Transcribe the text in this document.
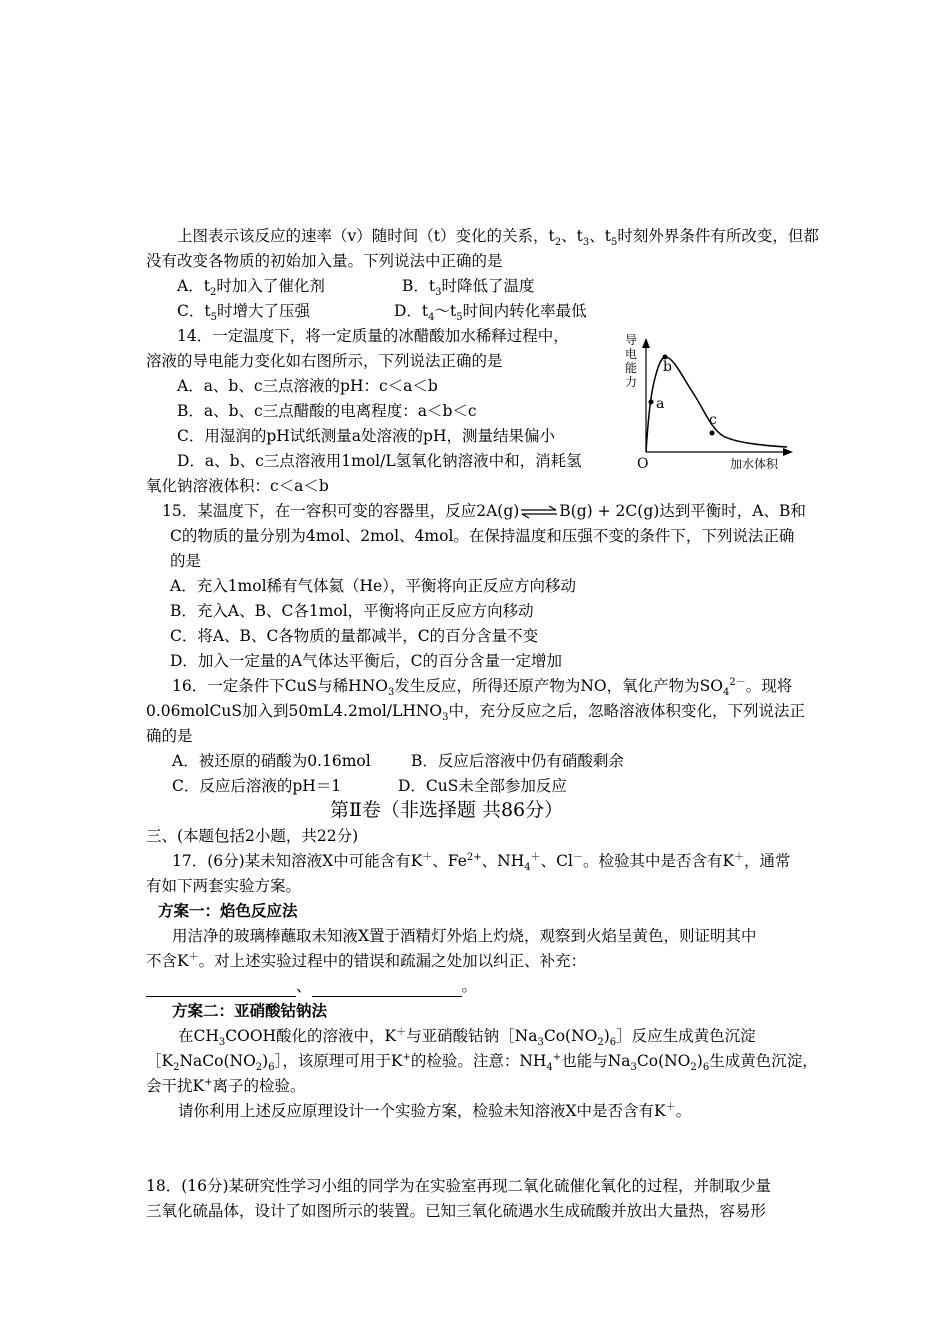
上图表示该反应的速率（v）随时间（t）变化的关系，$t_2$、$t_3$、$t_5$时刻外界条件有所改变，但都
没有改变各物质的初始加入量。下列说法中正确的是
A．$t_2$时加入了催化剂	B．$t_3$时降低了温度
C．$t_5$时增大了压强	D．$t_4\sim t_5$时间内转化率最低
14．一定温度下，将一定质量的冰醋酸加水稀释过程中，
溶液的导电能力变化如右图所示，下列说法正确的是
A．a、b、c三点溶液的pH：c＜a＜b
B．a、b、c三点醋酸的电离程度：a＜b＜c
C．用湿润的pH试纸测量a处溶液的pH，测量结果偏小
D．a、b、c三点溶液用1mol/L氢氧化钠溶液中和，消耗氢
氧化钠溶液体积：c＜a＜b
导
电
能
力
a
b
c
O	加水体积
15．某温度下，在一容积可变的容器里，反应2A(g)⇌B(g) + 2C(g)达到平衡时，A、B和
C的物质的量分别为4mol、2mol、4mol。在保持温度和压强不变的条件下，下列说法正确
的是
A．充入1mol稀有气体氦（He），平衡将向正反应方向移动
B．充入A、B、C各1mol，平衡将向正反应方向移动
C．将A、B、C各物质的量都减半，C的百分含量不变
D．加入一定量的A气体达平衡后，C的百分含量一定增加
16．一定条件下CuS与稀$HNO_3$发生反应，所得还原产物为NO，氧化产物为$SO_4^{2-}$。现将
0.06molCuS加入到$50mL4.2mol/LHNO_3$中，充分反应之后，忽略溶液体积变化，下列说法正
确的是
A．被还原的硝酸为0.16mol	B．反应后溶液中仍有硝酸剩余
C．反应后溶液的pH＝1	D．CuS未全部参加反应
第Ⅱ卷（非选择题 共86分）
三、(本题包括2小题，共22分)
17．(6分)某未知溶液X中可能含有K＋、$Fe^{2+}$、$NH_4^+$、Cl－。检验其中是否含有K＋，通常
有如下两套实验方案。
方案一：焰色反应法
用洁净的玻璃棒蘸取未知液X置于酒精灯外焰上灼烧，观察到火焰呈黄色，则证明其中
不含K＋。对上述实验过程中的错误和疏漏之处加以纠正、补充：
、	。
方案二：亚硝酸钴钠法
在$CH_3COOH$酸化的溶液中，K＋与亚硝酸钴钠$[Na_3Co(NO_2)_6]$反应生成黄色沉淀
$[K_2NaCo(NO_2)_6]$，该原理可用于K+的检验。注意：$NH_4^+$也能与$Na_3Co(NO_2)_6$生成黄色沉淀，
会干扰K+离子的检验。
请你利用上述反应原理设计一个实验方案，检验未知溶液X中是否含有K＋。
18．(16分)某研究性学习小组的同学为在实验室再现二氧化硫催化氧化的过程，并制取少量
三氧化硫晶体，设计了如图所示的装置。已知三氧化硫遇水生成硫酸并放出大量热，容易形
